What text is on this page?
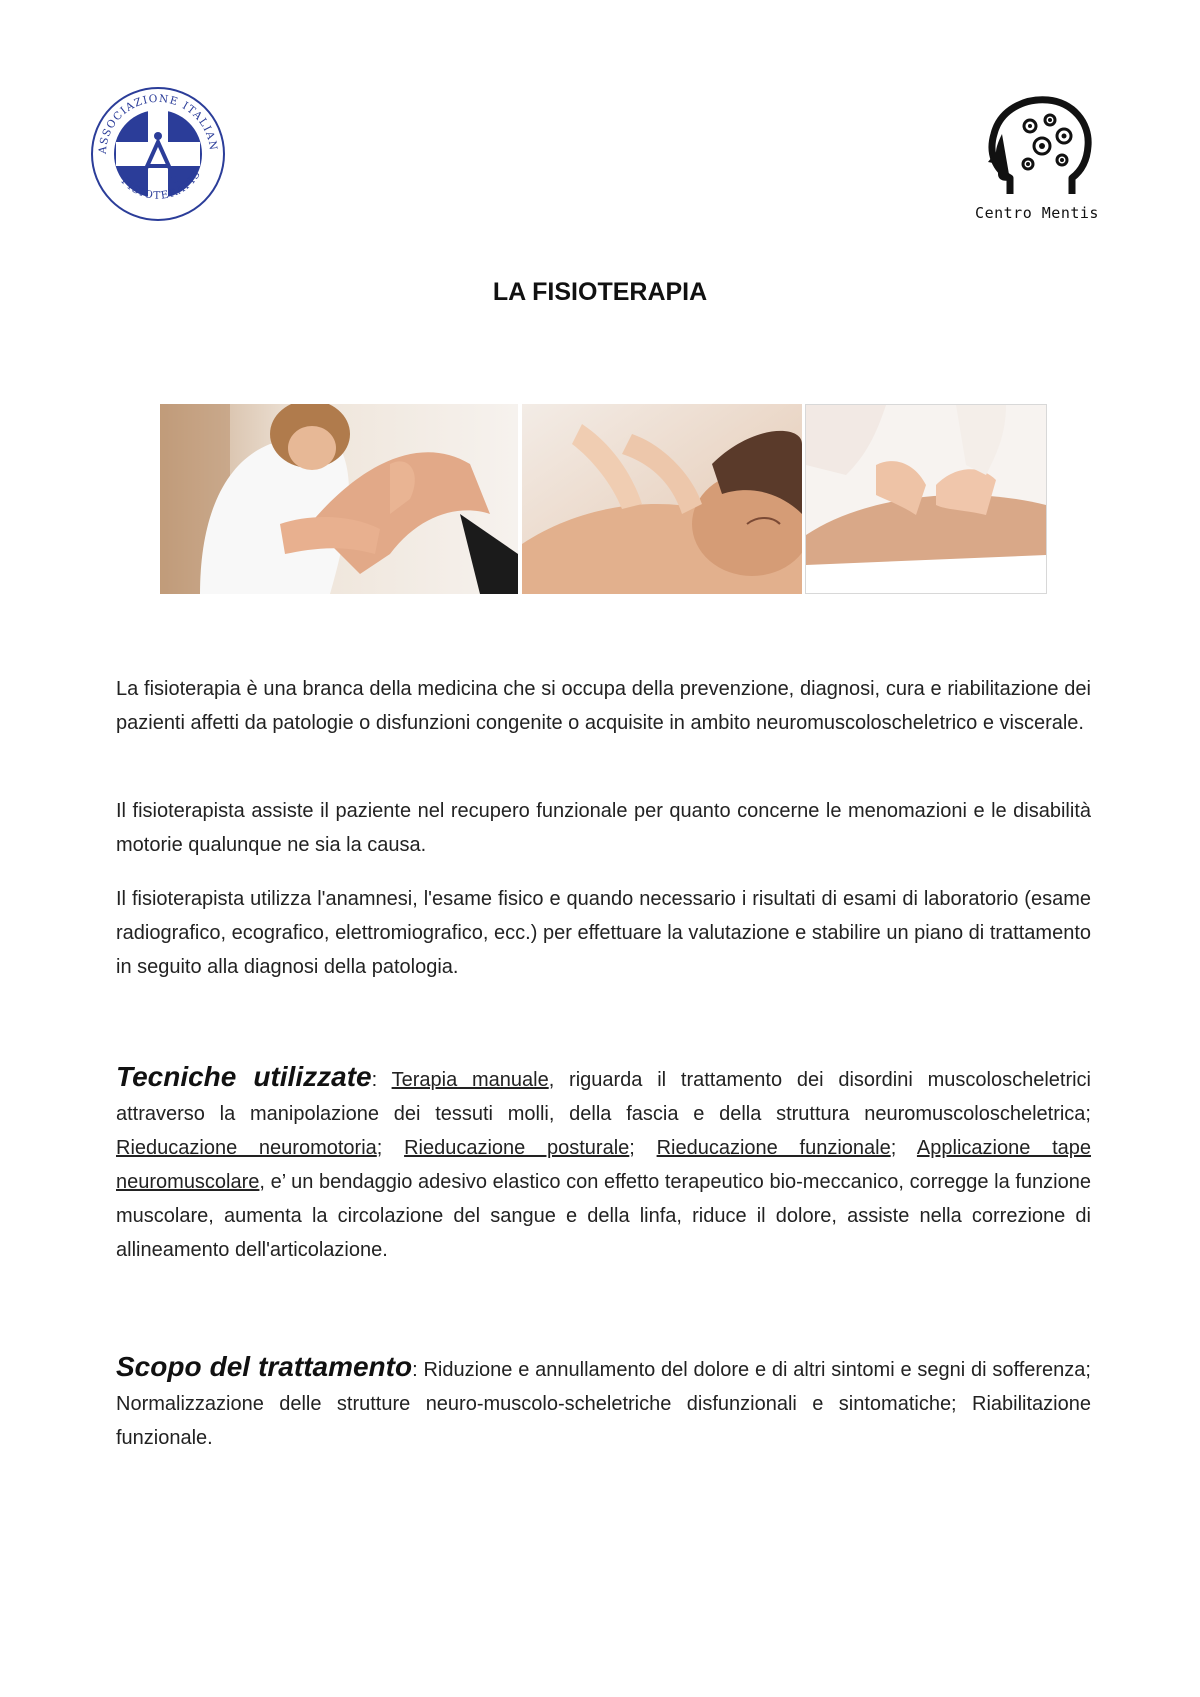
ASSOCIAZIONE ITALIAN
FISIOTERAPIS
Centro Mentis
LA FISIOTERAPIA

La fisioterapia è una branca della medicina che si occupa della prevenzione, diagnosi, cura e riabilitazione dei pazienti affetti da patologie o disfunzioni congenite o acquisite in ambito neuromuscoloscheletrico e viscerale.

Il fisioterapista assiste il paziente nel recupero funzionale per quanto concerne le menomazioni e le disabilità motorie qualunque ne sia la causa.

Il fisioterapista utilizza l'anamnesi, l'esame fisico e quando necessario i risultati di esami di laboratorio (esame radiografico, ecografico, elettromiografico, ecc.) per effettuare la valutazione e stabilire un piano di trattamento in seguito alla diagnosi della patologia.

Tecniche utilizzate: Terapia manuale, riguarda il trattamento dei disordini muscoloscheletrici attraverso la manipolazione dei tessuti molli, della fascia e della struttura neuromuscoloscheletrica; Rieducazione neuromotoria; Rieducazione posturale; Rieducazione funzionale; Applicazione tape neuromuscolare, e’ un bendaggio adesivo elastico con effetto terapeutico bio-meccanico, corregge la funzione muscolare, aumenta la circolazione del sangue e della linfa, riduce il dolore, assiste nella correzione di allineamento dell'articolazione.

Scopo del trattamento: Riduzione e annullamento del dolore e di altri sintomi e segni di sofferenza; Normalizzazione delle strutture neuro-muscolo-scheletriche disfunzionali e sintomatiche; Riabilitazione funzionale.
